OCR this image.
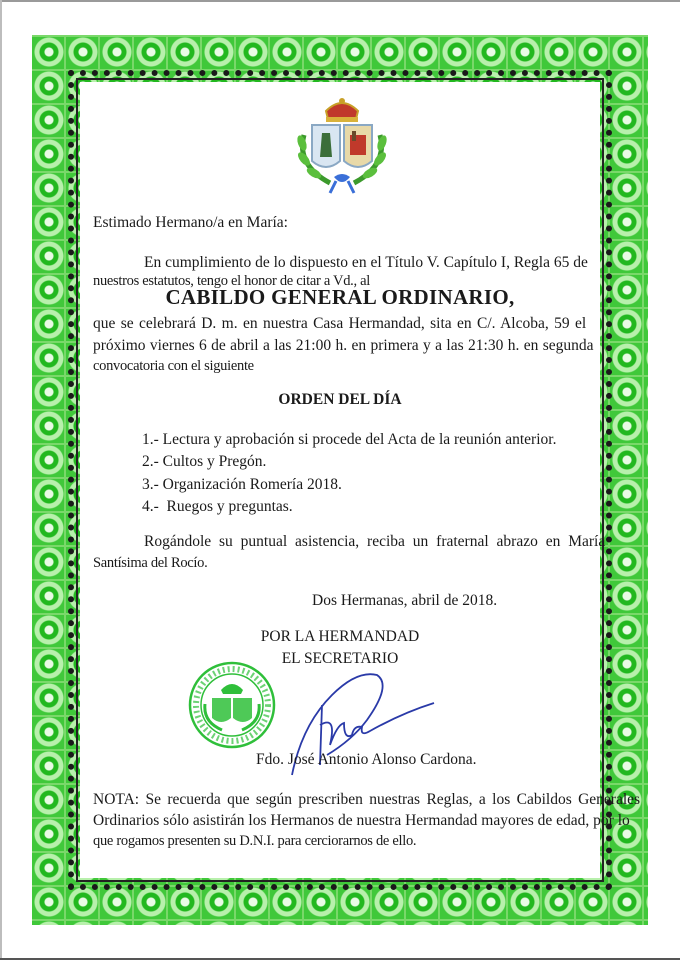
Estimado Hermano/a en María:
En cumplimiento de lo dispuesto en el Título V. Capítulo I, Regla 65 de
nuestros estatutos, tengo el honor de citar a Vd., al
CABILDO GENERAL ORDINARIO,
que se celebrará D. m. en nuestra Casa Hermandad, sita en C/. Alcoba, 59 el
próximo viernes 6 de abril a las 21:00 h. en primera y a las 21:30 h. en segunda
convocatoria con el siguiente
ORDEN DEL DÍA
1.- Lectura y aprobación si procede del Acta de la reunión anterior.
2.- Cultos y Pregón.
3.- Organización Romería 2018.
4.-  Ruegos y preguntas.
Rogándole su puntual asistencia, reciba un fraternal abrazo en María
Santísima del Rocío.
Dos Hermanas, abril de 2018.
POR LA HERMANDAD
EL SECRETARIO
Fdo. José Antonio Alonso Cardona.
NOTA: Se recuerda que según prescriben nuestras Reglas, a los Cabildos Generales
Ordinarios sólo asistirán los Hermanos de nuestra Hermandad mayores de edad, por lo
que rogamos presenten su D.N.I. para cerciorarnos de ello.
